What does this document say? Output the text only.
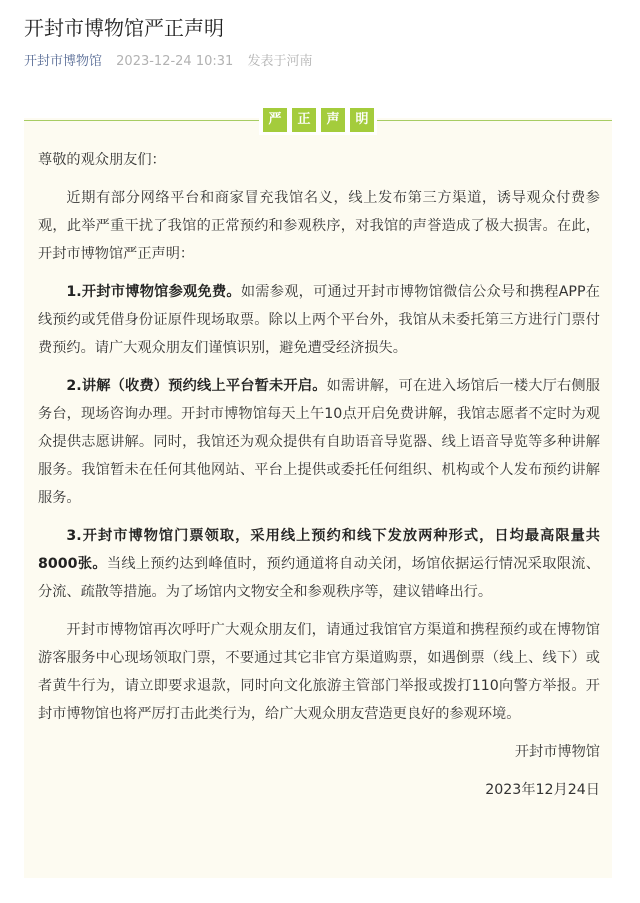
开封市博物馆严正声明
开封市博物馆 2023-12-24 10:31 发表于河南
严	正	声	明

尊敬的观众朋友们：

近期有部分网络平台和商家冒充我馆名义，线上发布第三方渠道，诱导观众付费参观，此举严重干扰了我馆的正常预约和参观秩序，对我馆的声誉造成了极大损害。在此，开封市博物馆严正声明：

1.开封市博物馆参观免费。如需参观，可通过开封市博物馆微信公众号和携程APP在线预约或凭借身份证原件现场取票。除以上两个平台外，我馆从未委托第三方进行门票付费预约。请广大观众朋友们谨慎识别，避免遭受经济损失。

2.讲解（收费）预约线上平台暂未开启。如需讲解，可在进入场馆后一楼大厅右侧服务台，现场咨询办理。开封市博物馆每天上午10点开启免费讲解，我馆志愿者不定时为观众提供志愿讲解。同时，我馆还为观众提供有自助语音导览器、线上语音导览等多种讲解服务。我馆暂未在任何其他网站、平台上提供或委托任何组织、机构或个人发布预约讲解服务。

3.开封市博物馆门票领取，采用线上预约和线下发放两种形式，日均最高限量共8000张。当线上预约达到峰值时，预约通道将自动关闭，场馆依据运行情况采取限流、分流、疏散等措施。为了场馆内文物安全和参观秩序等，建议错峰出行。

开封市博物馆再次呼吁广大观众朋友们，请通过我馆官方渠道和携程预约或在博物馆游客服务中心现场领取门票，不要通过其它非官方渠道购票，如遇倒票（线上、线下）或者黄牛行为，请立即要求退款，同时向文化旅游主管部门举报或拨打110向警方举报。开封市博物馆也将严厉打击此类行为，给广大观众朋友营造更良好的参观环境。

开封市博物馆

2023年12月24日
